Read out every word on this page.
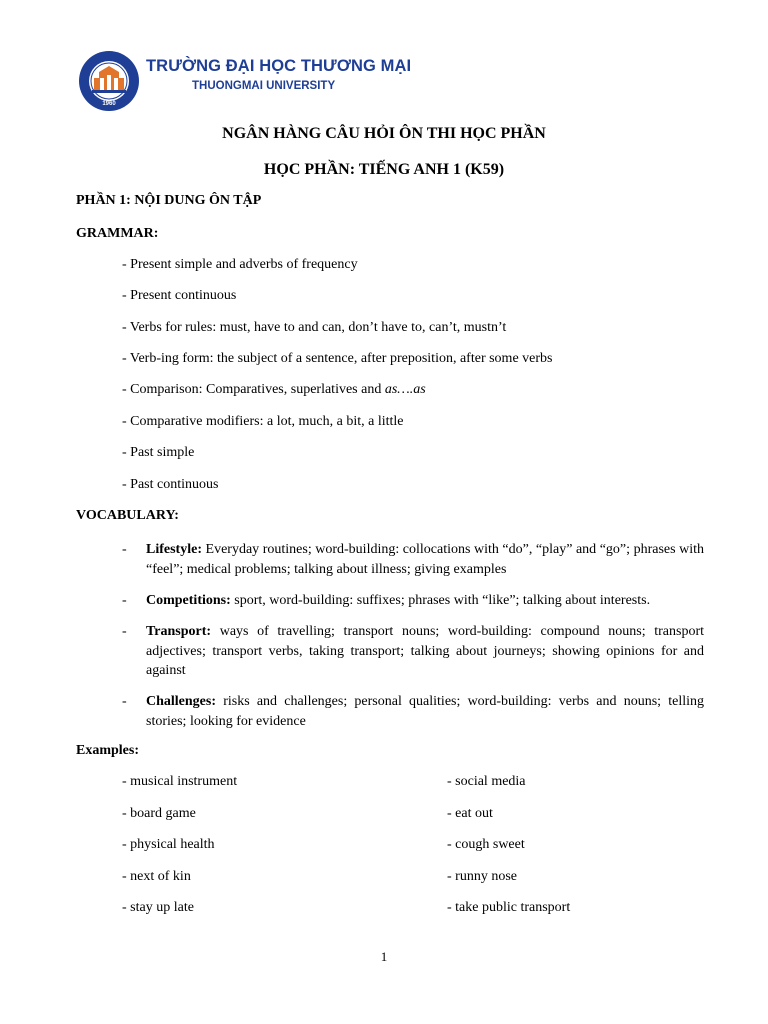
1960
TRƯỜNG ĐẠI HỌC THƯƠNG MẠI
THUONGMAI UNIVERSITY
NGÂN HÀNG CÂU HỎI ÔN THI HỌC PHẦN
HỌC PHẦN: TIẾNG ANH 1 (K59)
PHẦN 1: NỘI DUNG ÔN TẬP
GRAMMAR:
- Present simple and adverbs of frequency
- Present continuous
- Verbs for rules: must, have to and can, don’t have to, can’t, mustn’t
- Verb-ing form: the subject of a sentence, after preposition, after some verbs
- Comparison: Comparatives, superlatives and as….as
- Comparative modifiers: a lot, much, a bit, a little
- Past simple
- Past continuous
VOCABULARY:
- Lifestyle: Everyday routines; word-building: collocations with “do”, “play” and “go”; phrases with “feel”; medical problems; talking about illness; giving examples
- Competitions: sport, word-building: suffixes; phrases with “like”; talking about interests.
- Transport: ways of travelling; transport nouns; word-building: compound nouns; transport adjectives; transport verbs, taking transport; talking about journeys; showing opinions for and against
- Challenges: risks and challenges; personal qualities; word-building: verbs and nouns; telling stories; looking for evidence
Examples:
- musical instrument
- board game
- physical health
- next of kin
- stay up late
- social media
- eat out
- cough sweet
- runny nose
- take public transport
1
